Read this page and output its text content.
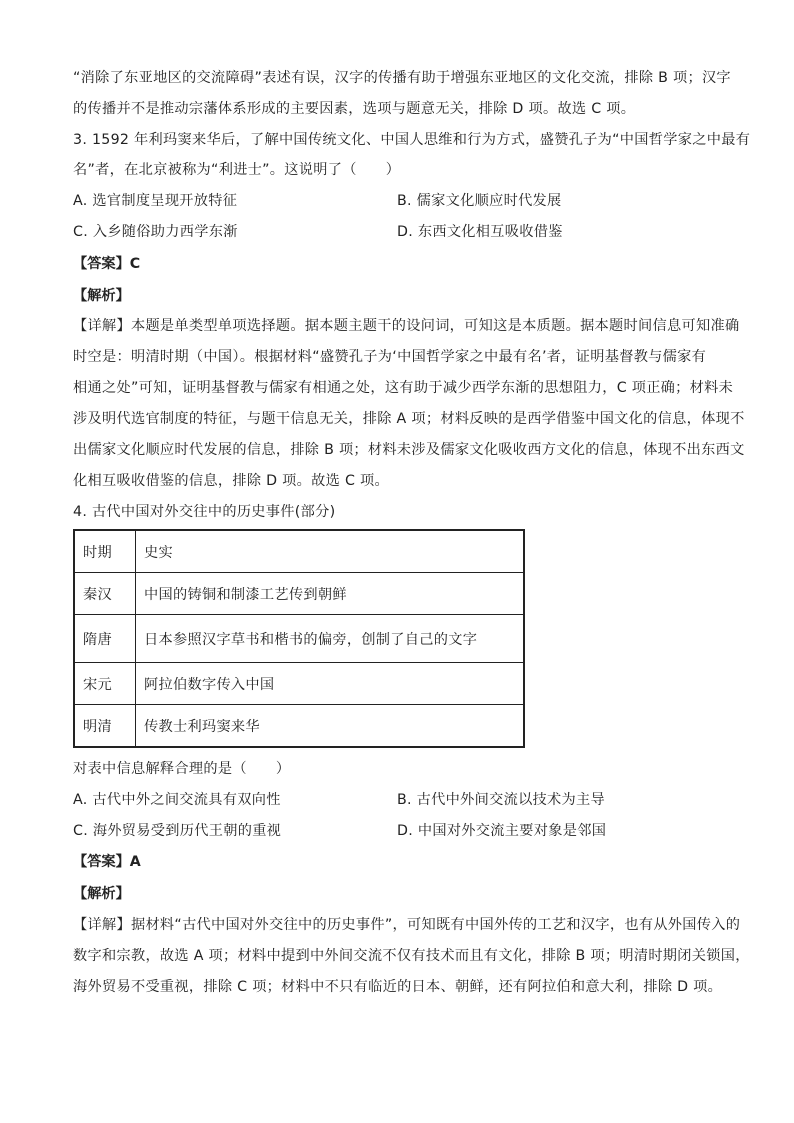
“消除了东亚地区的交流障碍”表述有误，汉字的传播有助于增强东亚地区的文化交流，排除 B 项；汉字
的传播并不是推动宗藩体系形成的主要因素，选项与题意无关，排除 D 项。故选 C 项。
3. 1592 年利玛窦来华后，了解中国传统文化、中国人思维和行为方式，盛赞孔子为“中国哲学家之中最有
名”者，在北京被称为“利进士”。这说明了（　　）
A. 选官制度呈现开放特征	B. 儒家文化顺应时代发展
C. 入乡随俗助力西学东渐	D. 东西文化相互吸收借鉴
【答案】C
【解析】
【详解】本题是单类型单项选择题。据本题主题干的设问词，可知这是本质题。据本题时间信息可知准确
时空是：明清时期（中国）。根据材料“盛赞孔子为‘中国哲学家之中最有名’者，证明基督教与儒家有
相通之处”可知，证明基督教与儒家有相通之处，这有助于减少西学东渐的思想阻力，C 项正确；材料未
涉及明代选官制度的特征，与题干信息无关，排除 A 项；材料反映的是西学借鉴中国文化的信息，体现不
出儒家文化顺应时代发展的信息，排除 B 项；材料未涉及儒家文化吸收西方文化的信息，体现不出东西文
化相互吸收借鉴的信息，排除 D 项。故选 C 项。
4. 古代中国对外交往中的历史事件(部分)
时期	史实
秦汉	中国的铸铜和制漆工艺传到朝鲜
隋唐	日本参照汉字草书和楷书的偏旁，创制了自己的文字
宋元	阿拉伯数字传入中国
明清	传教士利玛窦来华
对表中信息解释合理的是（　　）
A. 古代中外之间交流具有双向性	B. 古代中外间交流以技术为主导
C. 海外贸易受到历代王朝的重视	D. 中国对外交流主要对象是邻国
【答案】A
【解析】
【详解】据材料“古代中国对外交往中的历史事件”，可知既有中国外传的工艺和汉字，也有从外国传入的
数字和宗教，故选 A 项；材料中提到中外间交流不仅有技术而且有文化，排除 B 项；明清时期闭关锁国，
海外贸易不受重视，排除 C 项；材料中不只有临近的日本、朝鲜，还有阿拉伯和意大利，排除 D 项。
